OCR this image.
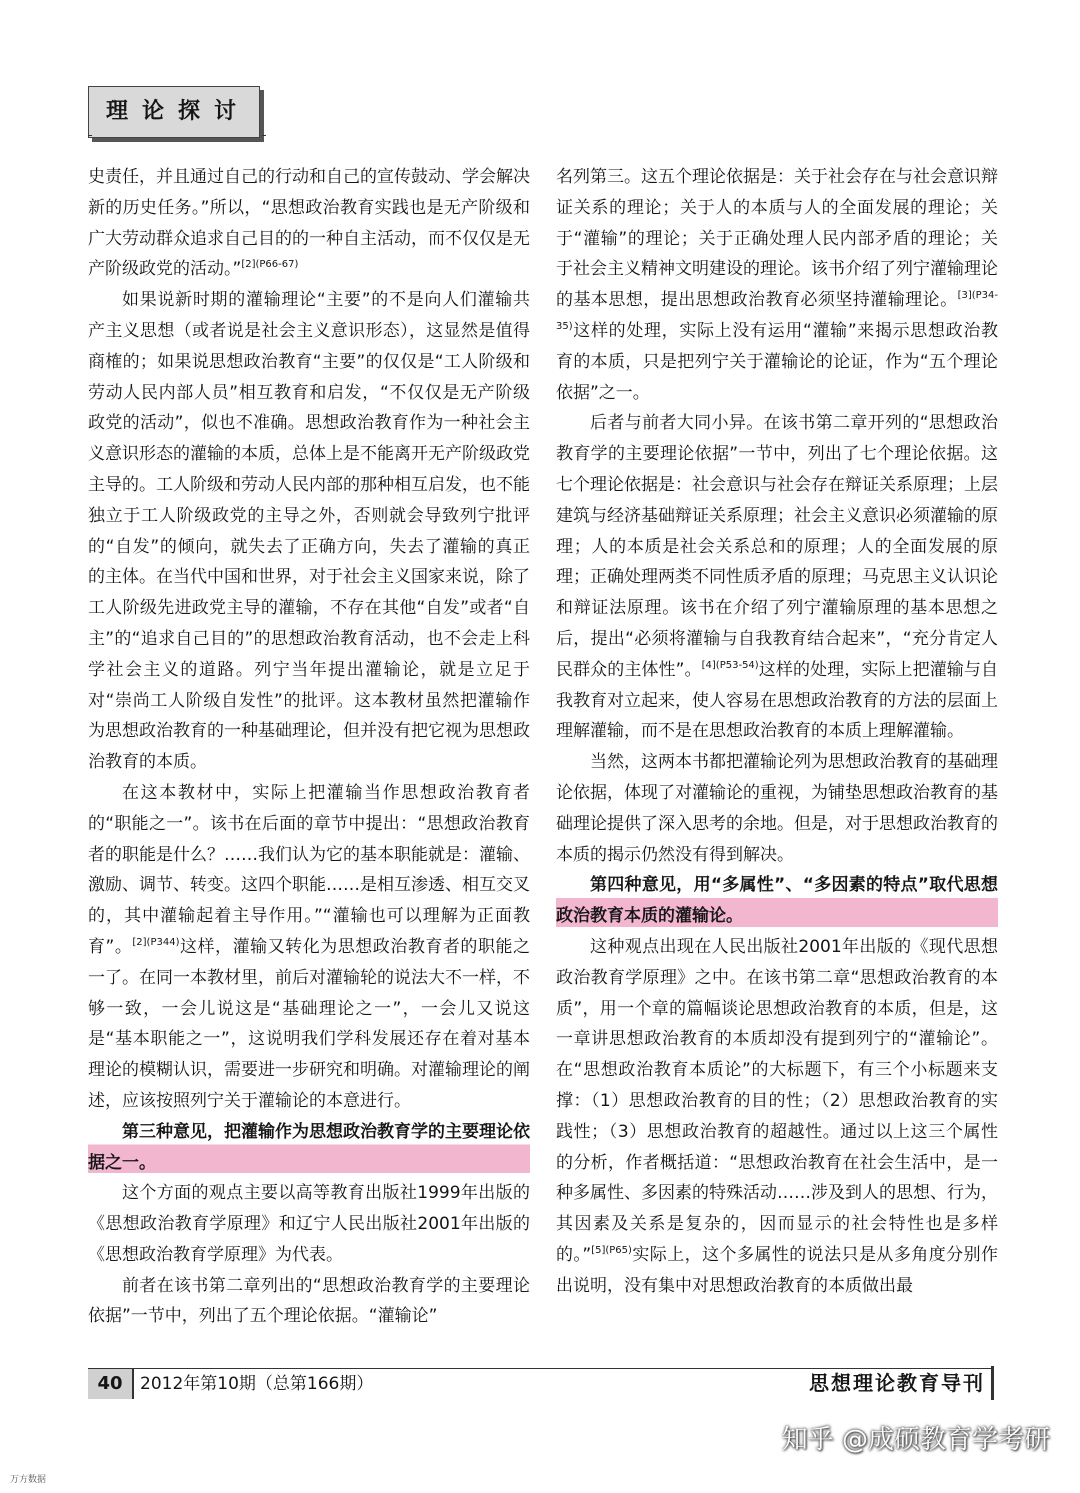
理论探讨

史责任，并且通过自己的行动和自己的宣传鼓动、学会解决新的历史任务。”所以，“思想政治教育实践也是无产阶级和广大劳动群众追求自己目的的一种自主活动，而不仅仅是无产阶级政党的活动。”$^{[2](P66-67)}$

如果说新时期的灌输理论“主要”的不是向人们灌输共产主义思想（或者说是社会主义意识形态），这显然是值得商榷的；如果说思想政治教育“主要”的仅仅是“工人阶级和劳动人民内部人员”相互教育和启发，“不仅仅是无产阶级政党的活动”，似也不准确。思想政治教育作为一种社会主义意识形态的灌输的本质，总体上是不能离开无产阶级政党主导的。工人阶级和劳动人民内部的那种相互启发，也不能独立于工人阶级政党的主导之外，否则就会导致列宁批评的“自发”的倾向，就失去了正确方向，失去了灌输的真正的主体。在当代中国和世界，对于社会主义国家来说，除了工人阶级先进政党主导的灌输，不存在其他“自发”或者“自主”的“追求自己目的”的思想政治教育活动，也不会走上科学社会主义的道路。列宁当年提出灌输论，就是立足于对“崇尚工人阶级自发性”的批评。这本教材虽然把灌输作为思想政治教育的一种基础理论，但并没有把它视为思想政治教育的本质。

在这本教材中，实际上把灌输当作思想政治教育者的“职能之一”。该书在后面的章节中提出：“思想政治教育者的职能是什么？……我们认为它的基本职能就是：灌输、激励、调节、转变。这四个职能……是相互渗透、相互交叉的，其中灌输起着主导作用。”“灌输也可以理解为正面教育”。$^{[2](P344)}$这样，灌输又转化为思想政治教育者的职能之一了。在同一本教材里，前后对灌输轮的说法大不一样，不够一致，一会儿说这是“基础理论之一”，一会儿又说这是“基本职能之一”，这说明我们学科发展还存在着对基本理论的模糊认识，需要进一步研究和明确。对灌输理论的阐述，应该按照列宁关于灌输论的本意进行。

第三种意见，把灌输作为思想政治教育学的主要理论依据之一。

这个方面的观点主要以高等教育出版社1999年出版的《思想政治教育学原理》和辽宁人民出版社2001年出版的《思想政治教育学原理》为代表。

前者在该书第二章列出的“思想政治教育学的主要理论依据”一节中，列出了五个理论依据。“灌输论”

名列第三。这五个理论依据是：关于社会存在与社会意识辩证关系的理论；关于人的本质与人的全面发展的理论；关于“灌输”的理论；关于正确处理人民内部矛盾的理论；关于社会主义精神文明建设的理论。该书介绍了列宁灌输理论的基本思想，提出思想政治教育必须坚持灌输理论。$^{[3](P34-35)}$这样的处理，实际上没有运用“灌输”来揭示思想政治教育的本质，只是把列宁关于灌输论的论证，作为“五个理论依据”之一。

后者与前者大同小异。在该书第二章开列的“思想政治教育学的主要理论依据”一节中，列出了七个理论依据。这七个理论依据是：社会意识与社会存在辩证关系原理；上层建筑与经济基础辩证关系原理；社会主义意识必须灌输的原理；人的本质是社会关系总和的原理；人的全面发展的原理；正确处理两类不同性质矛盾的原理；马克思主义认识论和辩证法原理。该书在介绍了列宁灌输原理的基本思想之后，提出“必须将灌输与自我教育结合起来”，“充分肯定人民群众的主体性”。$^{[4](P53-54)}$这样的处理，实际上把灌输与自我教育对立起来，使人容易在思想政治教育的方法的层面上理解灌输，而不是在思想政治教育的本质上理解灌输。

当然，这两本书都把灌输论列为思想政治教育的基础理论依据，体现了对灌输论的重视，为铺垫思想政治教育的基础理论提供了深入思考的余地。但是，对于思想政治教育的本质的揭示仍然没有得到解决。

第四种意见，用“多属性”、“多因素的特点”取代思想政治教育本质的灌输论。

这种观点出现在人民出版社2001年出版的《现代思想政治教育学原理》之中。在该书第二章“思想政治教育的本质”，用一个章的篇幅谈论思想政治教育的本质，但是，这一章讲思想政治教育的本质却没有提到列宁的“灌输论”。在“思想政治教育本质论”的大标题下，有三个小标题来支撑：（1）思想政治教育的目的性；（2）思想政治教育的实践性；（3）思想政治教育的超越性。通过以上这三个属性的分析，作者概括道：“思想政治教育在社会生活中，是一种多属性、多因素的特殊活动……涉及到人的思想、行为，其因素及关系是复杂的，因而显示的社会特性也是多样的。”$^{[5](P65)}$实际上，这个多属性的说法只是从多角度分别作出说明，没有集中对思想政治教育的本质做出最

40	2012年第10期（总第166期）	思想理论教育导刊
知乎 @成硕教育学考研
万方数据
